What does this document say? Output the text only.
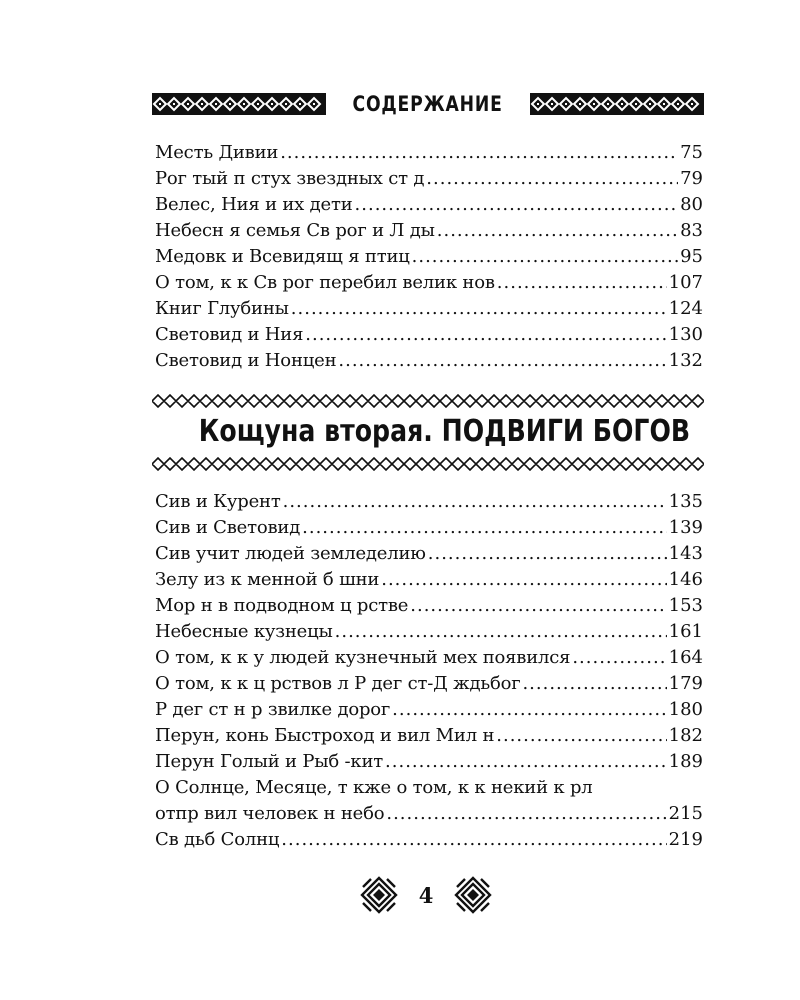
СОДЕРЖАНИЕ
Месть Дивии .....	75
Рог тый п стух звездных ст д .....	79
Велес, Ния и их дети .....	80
Небесн я семья Св рог и Л ды .....	83
Медовк и Всевидящ я птиц .....	95
О том, к к Св рог перебил велик нов .....	107
Книг Глубины .....	124
Световид и Ния .....	130
Световид и Нонцен .....	132
Кощуна вторая. ПОДВИГИ БОГОВ
Сив и Курент .....	135
Сив и Световид .....	139
Сив учит людей земледелию .....	143
Зелу из к менной б шни .....	146
Мор н в подводном ц рстве .....	153
Небесные кузнецы .....	161
О том, к к у людей кузнечный мех появился .....	164
О том, к к ц рствов л Р дег ст-Д ждьбог .....	179
Р дег ст н р звилке дорог .....	180
Перун, конь Быстроход и вил Мил н .....	182
Перун Голый и Рыб -кит .....	189
О Солнце, Месяце, т кже о том, к к некий к рл
отпр вил человек н небо .....	215
Св дьб Солнц .....	219
4
